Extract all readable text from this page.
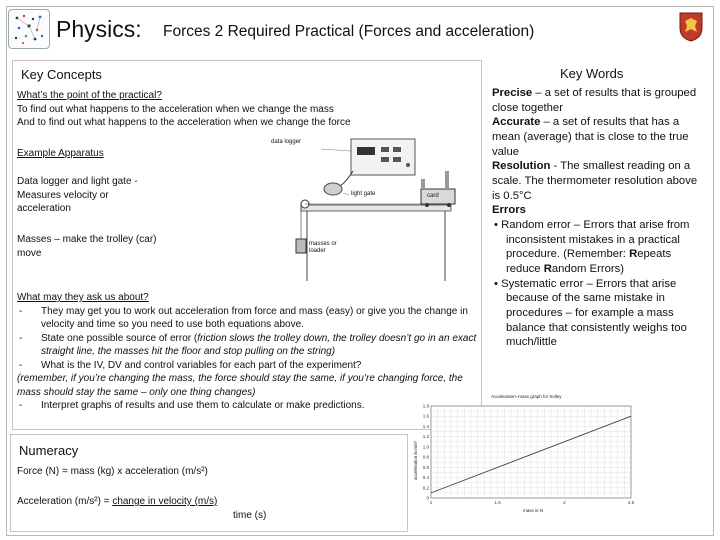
Physics: Forces 2 Required Practical (Forces and acceleration)
Key Concepts
What’s the point of the practical?
To find out what happens to the acceleration when we change the mass
And to find out what happens to the acceleration when we change the force
Example Apparatus
Data logger and light gate - Measures velocity or acceleration
Masses – make the trolley (car) move
data logger
light gate	card
masses or loader
What may they ask us about?
- They may get you to work out acceleration from force and mass (easy) or give you the change in velocity and time so you need to use both equations above.
- State one possible source of error (friction slows the trolley down, the trolley doesn’t go in an exact straight line, the masses hit the floor and stop pulling on the string)
- What is the IV, DV and control variables for each part of the experiment?
(remember, if you’re changing the mass, the force should stay the same, if you’re changing force, the mass should stay the same – only one thing changes)
- Interpret graphs of results and use them to calculate or make predictions.
Numeracy
Force (N) = mass (kg) x acceleration (m/s²)
Acceleration (m/s²) = change in velocity (m/s)
time (s)
Key Words
Precise – a set of results that is grouped close together
Accurate – a set of results that has a mean (average) that is close to the true value
Resolution - The smallest reading on a scale. The thermometer resolution above is 0.5°C
Errors
• Random error – Errors that arise from inconsistent mistakes in a practical procedure. (Remember: Repeats reduce Random Errors)
• Systematic error – Errors that arise because of the same mistake in procedures – for example a mass balance that consistently weighs too much/little
Acceleration–mass graph for trolley
acceleration in m/s²
mass in N
1.8
1.6
1.4
1.2
1.0
0.8
0.6
0.4
0.2
0
1	1.5	2	2.5
